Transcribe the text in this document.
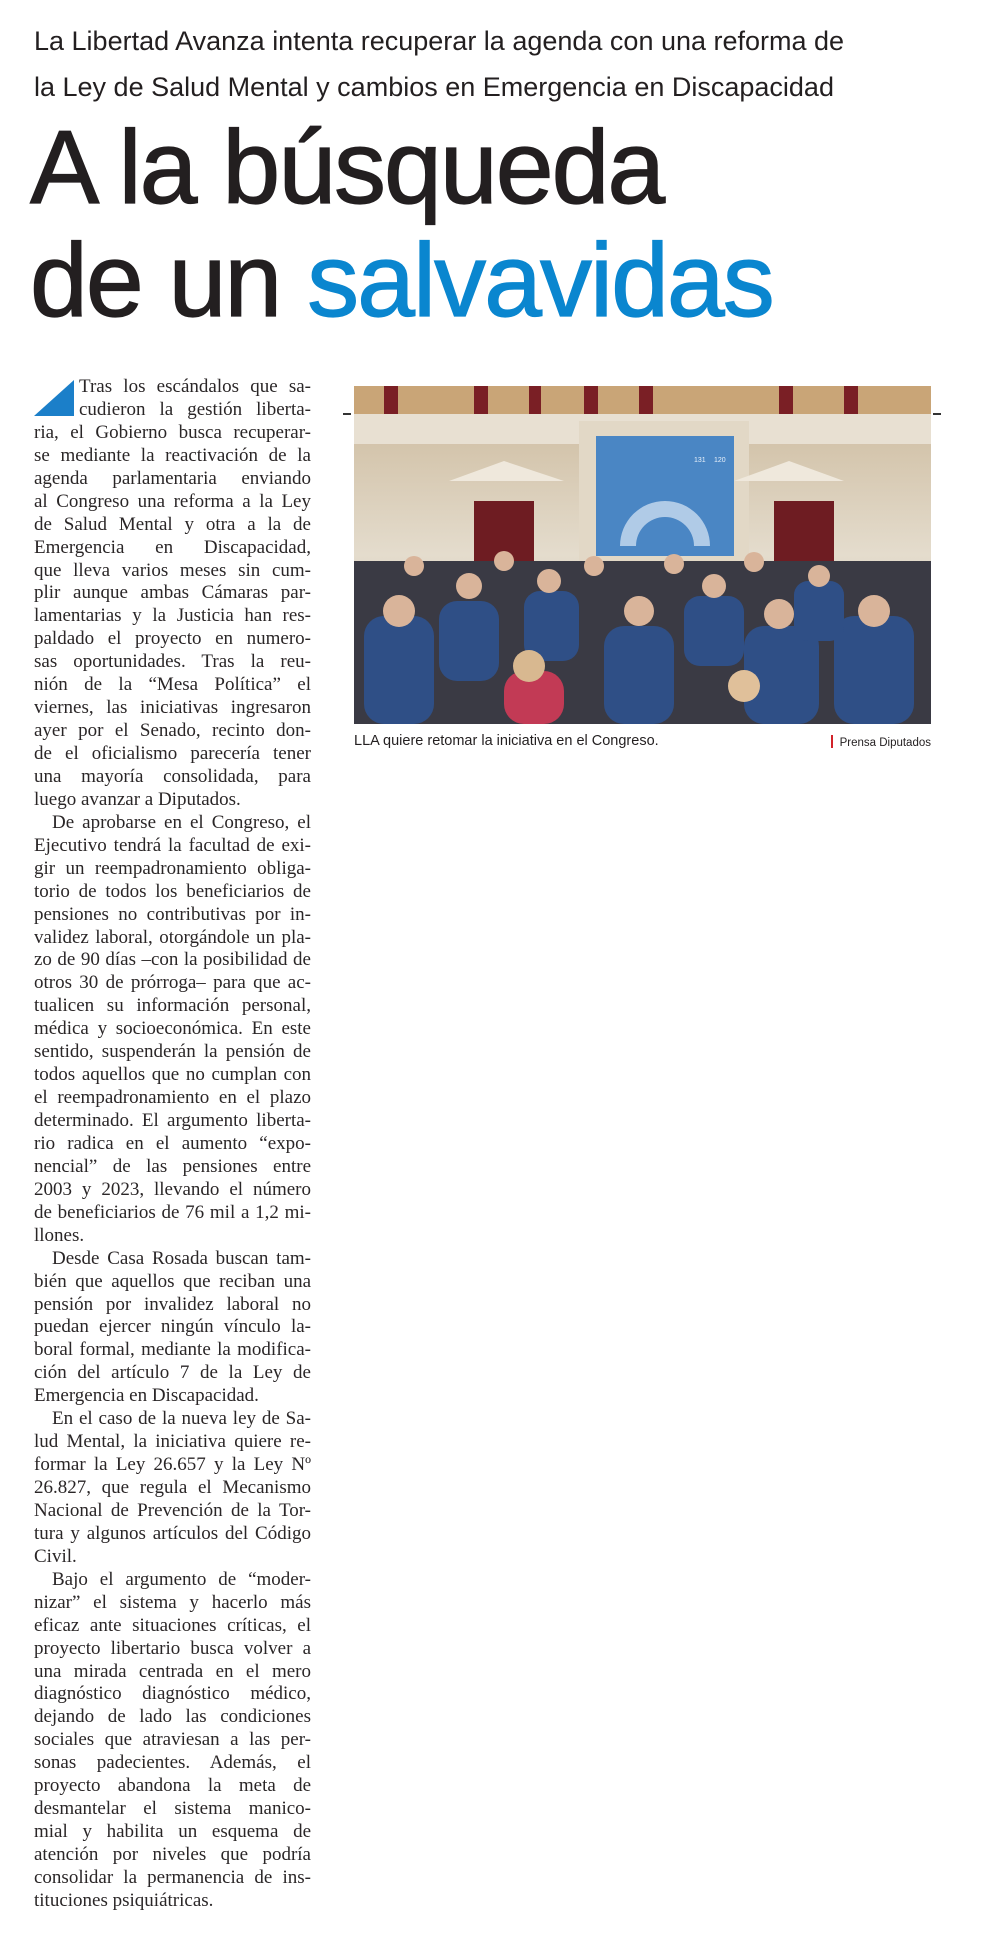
La Libertad Avanza intenta recuperar la agenda con una reforma de
la Ley de Salud Mental y cambios en Emergencia en Discapacidad
A la búsqueda
de un salvavidas
Tras los escándalos que sa-
cudieron la gestión liberta-
ria, el Gobierno busca recuperar-
se mediante la reactivación de la
agenda parlamentaria enviando
al Congreso una reforma a la Ley
de Salud Mental y otra a la de
Emergencia en Discapacidad,
que lleva varios meses sin cum-
plir aunque ambas Cámaras par-
lamentarias y la Justicia han res-
paldado el proyecto en numero-
sas oportunidades. Tras la reu-
nión de la “Mesa Política” el
viernes, las iniciativas ingresaron
ayer por el Senado, recinto don-
de el oficialismo parecería tener
una mayoría consolidada, para
luego avanzar a Diputados.
De aprobarse en el Congreso, el
Ejecutivo tendrá la facultad de exi-
gir un reempadronamiento obliga-
torio de todos los beneficiarios de
pensiones no contributivas por in-
validez laboral, otorgándole un pla-
zo de 90 días –con la posibilidad de
otros 30 de prórroga– para que ac-
tualicen su información personal,
médica y socioeconómica. En este
sentido, suspenderán la pensión de
todos aquellos que no cumplan con
el reempadronamiento en el plazo
determinado. El argumento liberta-
rio radica en el aumento “expo-
nencial” de las pensiones entre
2003 y 2023, llevando el número
de beneficiarios de 76 mil a 1,2 mi-
llones.
Desde Casa Rosada buscan tam-
bién que aquellos que reciban una
pensión por invalidez laboral no
puedan ejercer ningún vínculo la-
boral formal, mediante la modifica-
ción del artículo 7 de la Ley de
Emergencia en Discapacidad.
En el caso de la nueva ley de Sa-
lud Mental, la iniciativa quiere re-
formar la Ley 26.657 y la Ley Nº
26.827, que regula el Mecanismo
Nacional de Prevención de la Tor-
tura y algunos artículos del Código
Civil.
Bajo el argumento de “moder-
nizar” el sistema y hacerlo más
eficaz ante situaciones críticas, el
proyecto libertario busca volver a
una mirada centrada en el mero
diagnóstico diagnóstico médico,
dejando de lado las condiciones
sociales que atraviesan a las per-
sonas padecientes. Además, el
proyecto abandona la meta de
desmantelar el sistema manico-
mial y habilita un esquema de
atención por niveles que podría
consolidar la permanencia de ins-
tituciones psiquiátricas.
131 120
LLA quiere retomar la iniciativa en el Congreso.	Prensa Diputados
